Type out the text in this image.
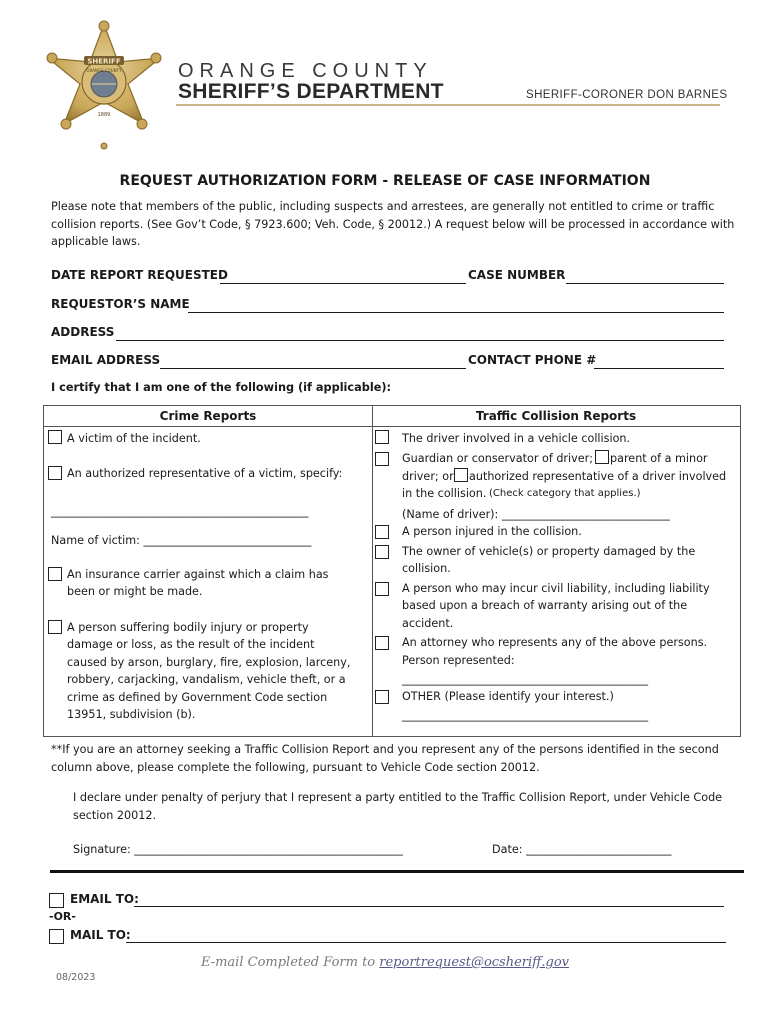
SHERIFF
ORANGE COUNTY
1889
ORANGE COUNTY
SHERIFF’S DEPARTMENT	SHERIFF-CORONER DON BARNES
REQUEST AUTHORIZATION FORM - RELEASE OF CASE INFORMATION
Please note that members of the public, including suspects and arrestees, are generally not entitled to crime or traffic collision reports. (See Gov’t Code, § 7923.600; Veh. Code, § 20012.) A request below will be processed in accordance with applicable laws.
DATE REPORT REQUESTED	CASE NUMBER
REQUESTOR’S NAME
ADDRESS
EMAIL ADDRESS	CONTACT PHONE #
I certify that I am one of the following (if applicable):
Crime Reports	Traffic Collision Reports
A victim of the incident.
An authorized representative of a victim, specify:
______________________________________________
Name of victim: ______________________________
An insurance carrier against which a claim has
been or might be made.
A person suffering bodily injury or property
damage or loss, as the result of the incident
caused by arson, burglary, fire, explosion, larceny,
robbery, carjacking, vandalism, vehicle theft, or a
crime as defined by Government Code section
13951, subdivision (b).
The driver involved in a vehicle collision.
Guardian or conservator of driver; parent of a minor
driver; or authorized representative of a driver involved
in the collision. (Check category that applies.)
(Name of driver): ______________________________
A person injured in the collision.
The owner of vehicle(s) or property damaged by the
collision.
A person who may incur civil liability, including liability
based upon a breach of warranty arising out of the
accident.
An attorney who represents any of the above persons.
Person represented:
____________________________________________
OTHER (Please identify your interest.)
____________________________________________
**If you are an attorney seeking a Traffic Collision Report and you represent any of the persons identified in the second column above, please complete the following, pursuant to Vehicle Code section 20012.
I declare under penalty of perjury that I represent a party entitled to the Traffic Collision Report, under Vehicle Code section 20012.
Signature: ________________________________________________	Date: __________________________
EMAIL TO:
-OR-
MAIL TO:
E-mail Completed Form to reportrequest@ocsheriff.gov
08/2023
